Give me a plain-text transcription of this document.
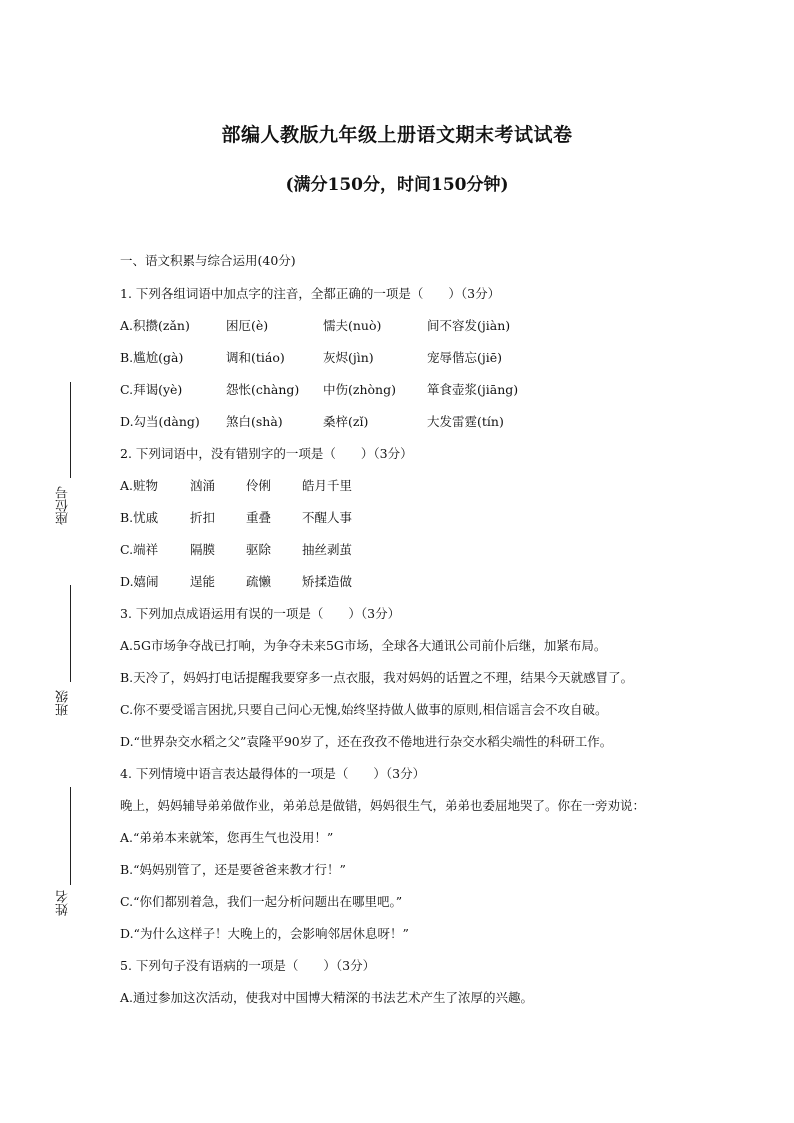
座位号
班级
姓名
部编人教版九年级上册语文期末考试试卷
(满分150分，时间150分钟)
一、语文积累与综合运用(40分)
1. 下列各组词语中加点字的注音，全都正确的一项是（　　）（3分）
A.积攒(zǎn)	困厄(è)	懦夫(nuò)	间不容发(jiàn)
B.尴尬(gà)	调和(tiáo)	灰烬(jìn)	宠辱偕忘(jiē)
C.拜谒(yè)	怨怅(chàng) 中伤(zhòng) 箪食壶浆(jiāng)
D.勾当(dàng) 煞白(shà)	桑梓(zǐ)	大发雷霆(tín)
2. 下列词语中，没有错别字的一项是（　　）（3分）
A.赃物	汹涌 伶俐 皓月千里
B.忧戚	折扣 重叠 不醒人事
C.端祥	隔膜 驱除 抽丝剥茧
D.嬉闹	逞能 疏懒 矫揉造做
3. 下列加点成语运用有误的一项是（　　）（3分）
A.5G市场争夺战已打响，为争夺未来5G市场，全球各大通讯公司前仆后继，加紧布局。
B.天冷了，妈妈打电话提醒我要穿多一点衣服，我对妈妈的话置之不理，结果今天就感冒了。
C.你不要受谣言困扰,只要自己问心无愧,始终坚持做人做事的原则,相信谣言会不攻自破。
D.“世界杂交水稻之父”袁隆平90岁了，还在孜孜不倦地进行杂交水稻尖端性的科研工作。
4. 下列情境中语言表达最得体的一项是（　　）（3分）
晚上，妈妈辅导弟弟做作业，弟弟总是做错，妈妈很生气，弟弟也委屈地哭了。你在一旁劝说：
A.“弟弟本来就笨，您再生气也没用！”
B.“妈妈别管了，还是要爸爸来教才行！”
C.“你们都别着急，我们一起分析问题出在哪里吧。”
D.“为什么这样子！大晚上的，会影响邻居休息呀！”
5. 下列句子没有语病的一项是（　　）（3分）
A.通过参加这次活动，使我对中国博大精深的书法艺术产生了浓厚的兴趣。
